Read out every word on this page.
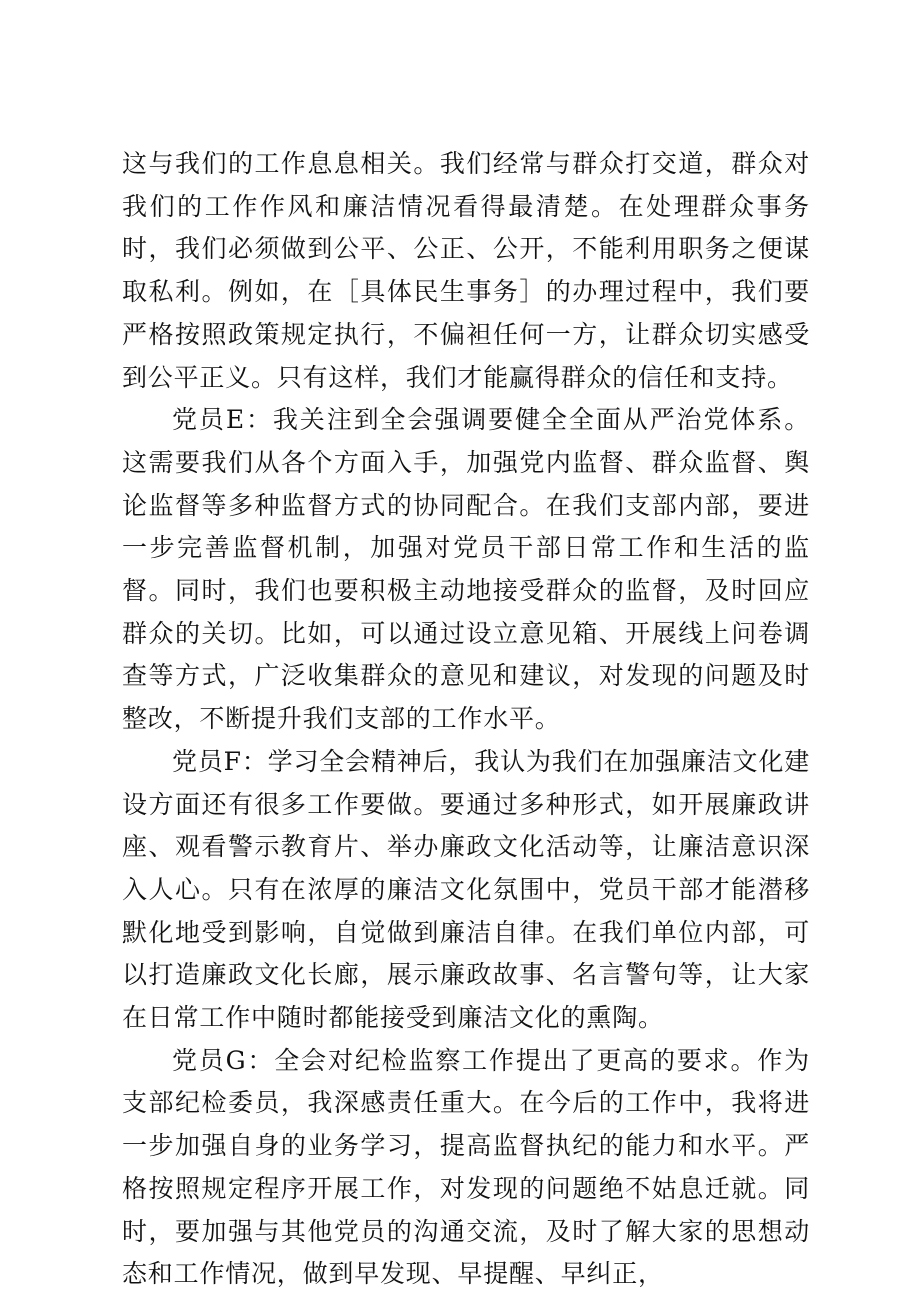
这与我们的工作息息相关。我们经常与群众打交道，群众对我们的工作作风和廉洁情况看得最清楚。在处理群众事务时，我们必须做到公平、公正、公开，不能利用职务之便谋取私利。例如，在［具体民生事务］的办理过程中，我们要严格按照政策规定执行，不偏袒任何一方，让群众切实感受到公平正义。只有这样，我们才能赢得群众的信任和支持。

党员E：我关注到全会强调要健全全面从严治党体系。这需要我们从各个方面入手，加强党内监督、群众监督、舆论监督等多种监督方式的协同配合。在我们支部内部，要进一步完善监督机制，加强对党员干部日常工作和生活的监督。同时，我们也要积极主动地接受群众的监督，及时回应群众的关切。比如，可以通过设立意见箱、开展线上问卷调查等方式，广泛收集群众的意见和建议，对发现的问题及时整改，不断提升我们支部的工作水平。

党员F：学习全会精神后，我认为我们在加强廉洁文化建设方面还有很多工作要做。要通过多种形式，如开展廉政讲座、观看警示教育片、举办廉政文化活动等，让廉洁意识深入人心。只有在浓厚的廉洁文化氛围中，党员干部才能潜移默化地受到影响，自觉做到廉洁自律。在我们单位内部，可以打造廉政文化长廊，展示廉政故事、名言警句等，让大家在日常工作中随时都能接受到廉洁文化的熏陶。

党员G：全会对纪检监察工作提出了更高的要求。作为支部纪检委员，我深感责任重大。在今后的工作中，我将进一步加强自身的业务学习，提高监督执纪的能力和水平。严格按照规定程序开展工作，对发现的问题绝不姑息迁就。同时，要加强与其他党员的沟通交流，及时了解大家的思想动态和工作情况，做到早发现、早提醒、早纠正，
